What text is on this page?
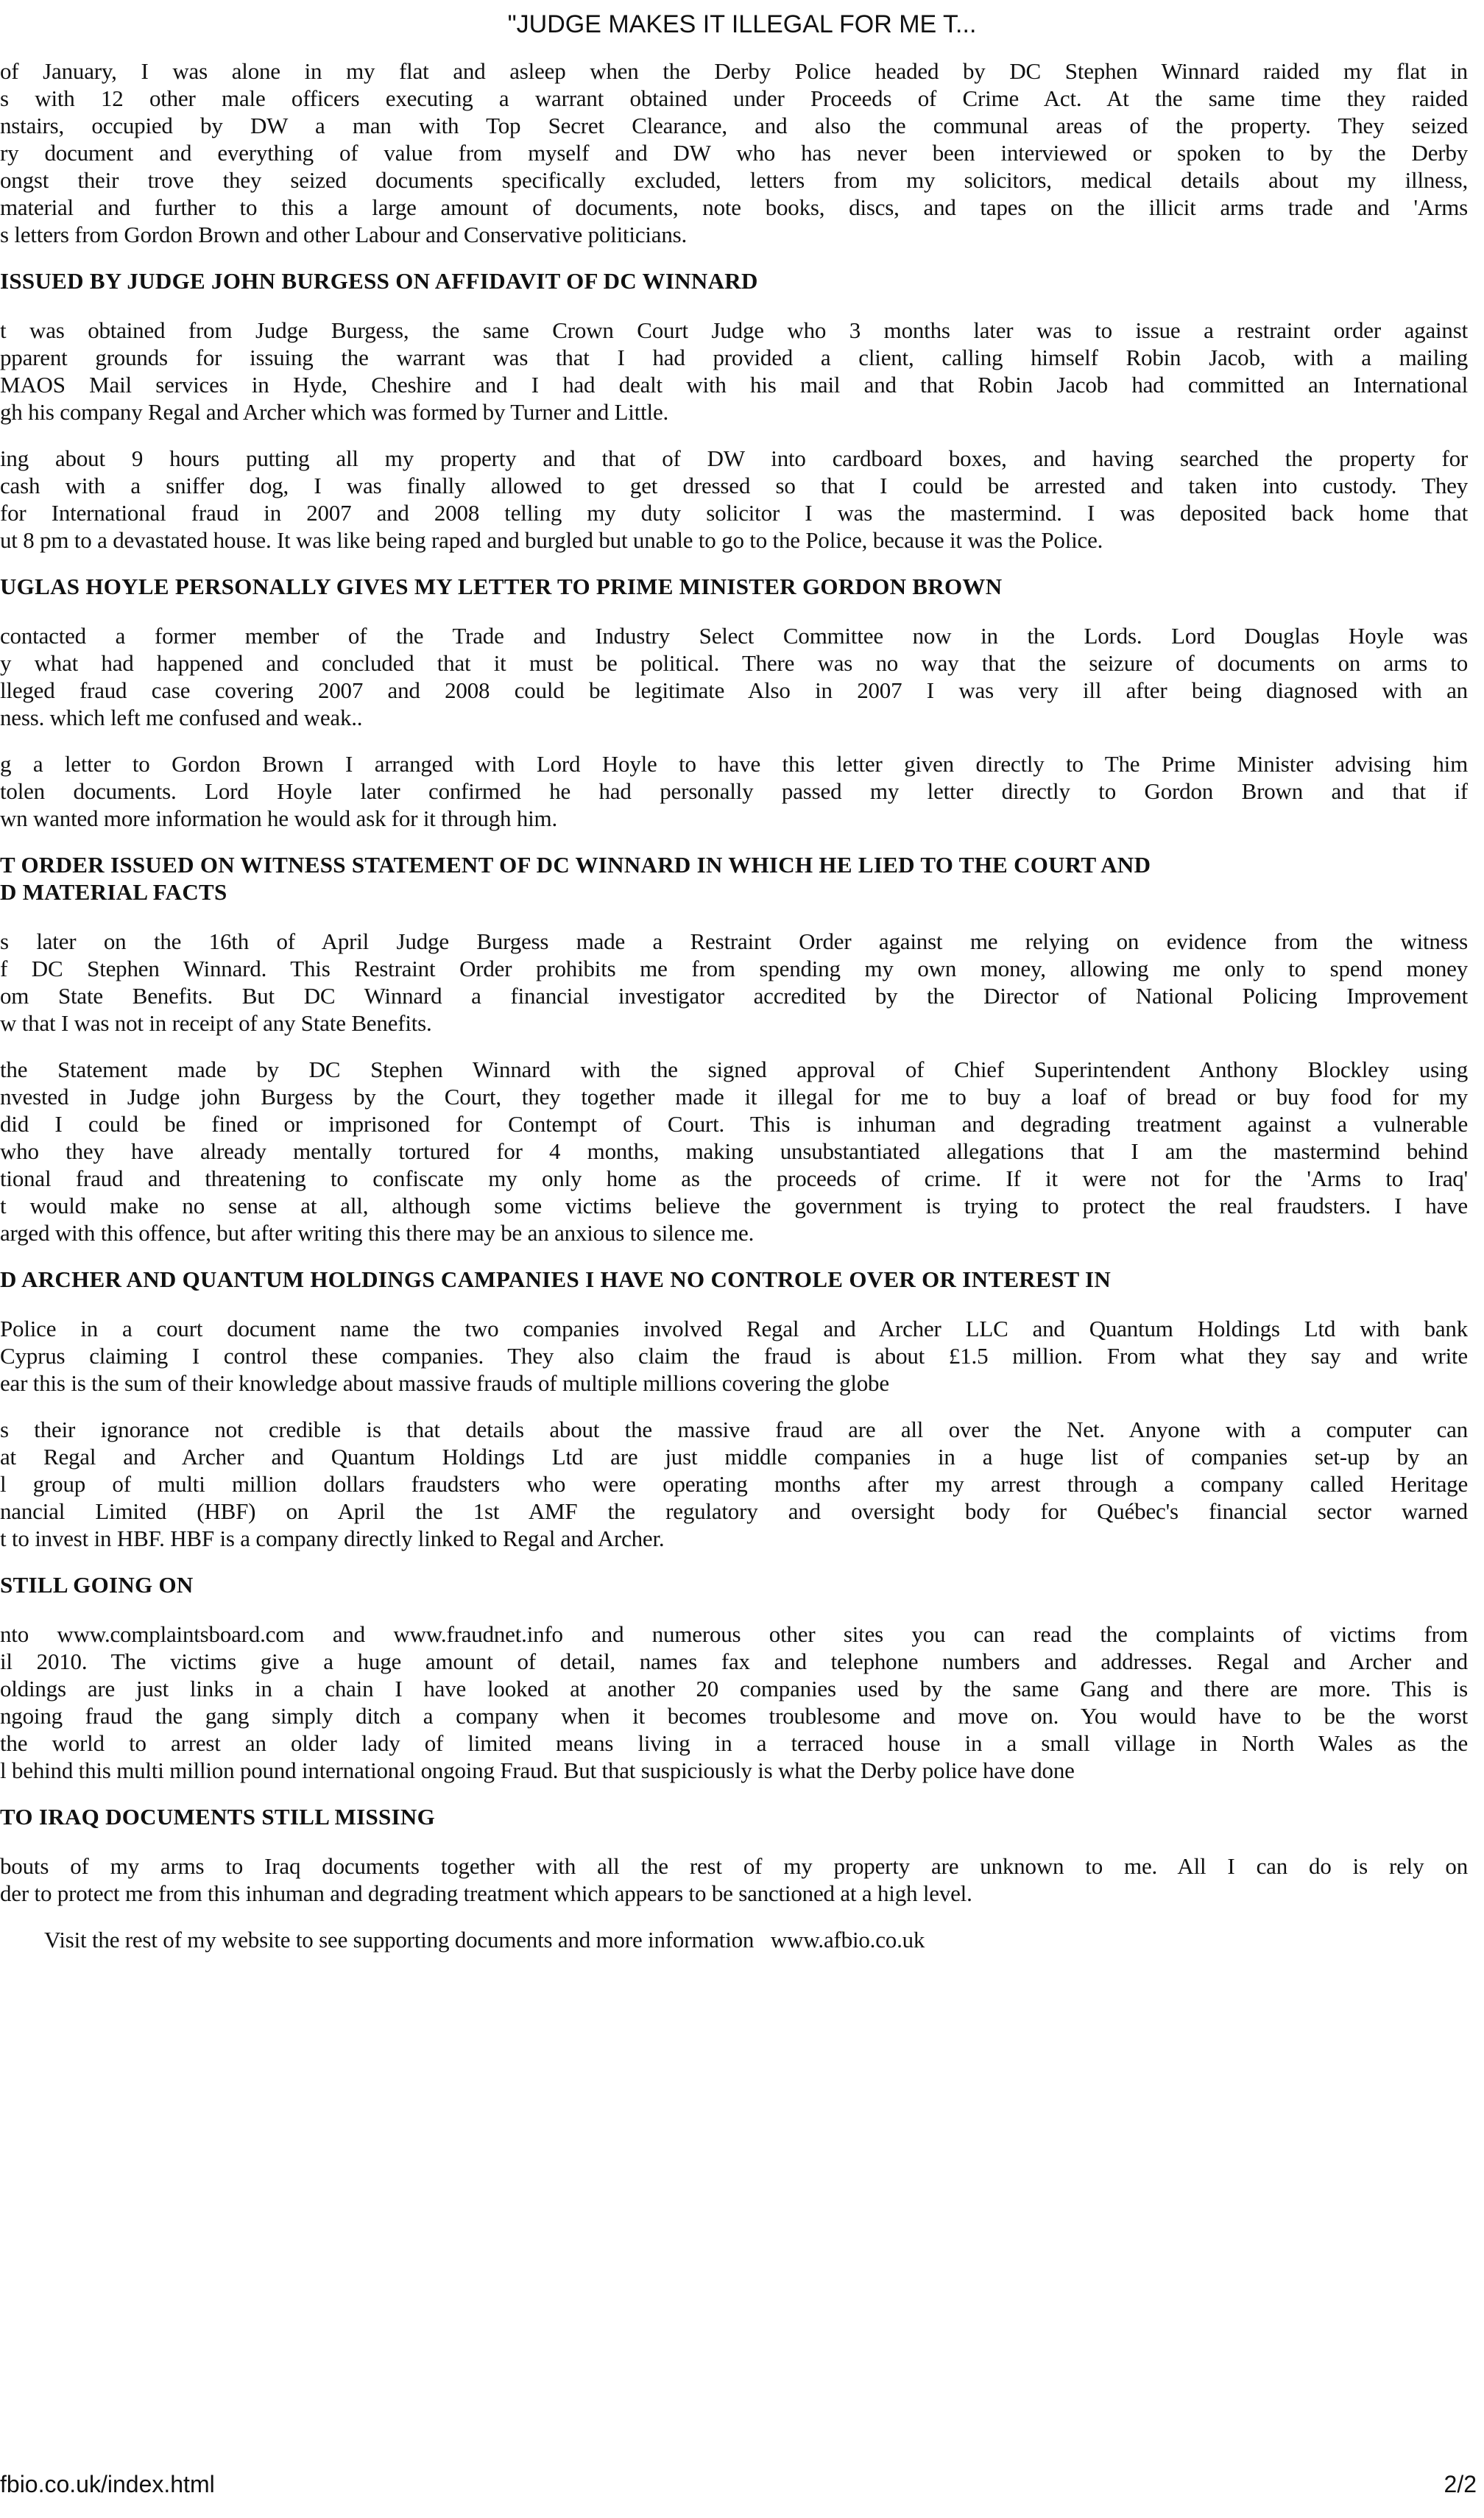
"JUDGE MAKES IT ILLEGAL FOR ME T...
of January, I was alone in my flat and asleep when the Derby Police headed by DC Stephen Winnard raided my flat in
s with 12 other male officers executing a warrant obtained under Proceeds of Crime Act. At the same time they raided
nstairs, occupied by DW a man with Top Secret Clearance, and also the communal areas of the property. They seized
ry document and everything of value from myself and DW who has never been interviewed or spoken to by the Derby
ongst their trove they seized documents specifically excluded, letters from my solicitors, medical details about my illness,
material and further to this a large amount of documents, note books, discs, and tapes on the illicit arms trade and 'Arms
s letters from Gordon Brown and other Labour and Conservative politicians.
ISSUED BY JUDGE JOHN BURGESS ON AFFIDAVIT OF DC WINNARD
t was obtained from Judge Burgess, the same Crown Court Judge who 3 months later was to issue a restraint order against
pparent grounds for issuing the warrant was that I had provided a client, calling himself Robin Jacob, with a mailing
MAOS Mail services in Hyde, Cheshire and I had dealt with his mail and that Robin Jacob had committed an International
gh his company Regal and Archer which was formed by Turner and Little.
ing about 9 hours putting all my property and that of DW into cardboard boxes, and having searched the property for
cash with a sniffer dog, I was finally allowed to get dressed so that I could be arrested and taken into custody. They
for International fraud in 2007 and 2008 telling my duty solicitor I was the mastermind. I was deposited back home that
ut 8 pm to a devastated house. It was like being raped and burgled but unable to go to the Police, because it was the Police.
UGLAS HOYLE PERSONALLY GIVES MY LETTER TO PRIME MINISTER GORDON BROWN
contacted a former member of the Trade and Industry Select Committee now in the Lords. Lord Douglas Hoyle was
y what had happened and concluded that it must be political. There was no way that the seizure of documents on arms to
lleged fraud case covering 2007 and 2008 could be legitimate Also in 2007 I was very ill after being diagnosed with an
ness. which left me confused and weak..
g a letter to Gordon Brown I arranged with Lord Hoyle to have this letter given directly to The Prime Minister advising him
tolen documents. Lord Hoyle later confirmed he had personally passed my letter directly to Gordon Brown and that if
wn wanted more information he would ask for it through him.
T ORDER ISSUED ON WITNESS STATEMENT OF DC WINNARD IN WHICH HE LIED TO THE COURT AND
D MATERIAL FACTS
s later on the 16th of April Judge Burgess made a Restraint Order against me relying on evidence from the witness
f DC Stephen Winnard. This Restraint Order prohibits me from spending my own money, allowing me only to spend money
om State Benefits. But DC Winnard a financial investigator accredited by the Director of National Policing Improvement
w that I was not in receipt of any State Benefits.
the Statement made by DC Stephen Winnard with the signed approval of Chief Superintendent Anthony Blockley using
nvested in Judge john Burgess by the Court, they together made it illegal for me to buy a loaf of bread or buy food for my
did I could be fined or imprisoned for Contempt of Court. This is inhuman and degrading treatment against a vulnerable
who they have already mentally tortured for 4 months, making unsubstantiated allegations that I am the mastermind behind
tional fraud and threatening to confiscate my only home as the proceeds of crime. If it were not for the 'Arms to Iraq'
t would make no sense at all, although some victims believe the government is trying to protect the real fraudsters. I have
arged with this offence, but after writing this there may be an anxious to silence me.
D ARCHER AND QUANTUM HOLDINGS CAMPANIES I HAVE NO CONTROLE OVER OR INTEREST IN
Police in a court document name the two companies involved Regal and Archer LLC and Quantum Holdings Ltd with bank
Cyprus claiming I control these companies. They also claim the fraud is about £1.5 million. From what they say and write
ear this is the sum of their knowledge about massive frauds of multiple millions covering the globe
s their ignorance not credible is that details about the massive fraud are all over the Net. Anyone with a computer can
at Regal and Archer and Quantum Holdings Ltd are just middle companies in a huge list of companies set-up by an
l group of multi million dollars fraudsters who were operating months after my arrest through a company called Heritage
nancial Limited (HBF) on April the 1st AMF the regulatory and oversight body for Québec's financial sector warned
t to invest in HBF. HBF is a company directly linked to Regal and Archer.
STILL GOING ON
nto www.complaintsboard.com and www.fraudnet.info and numerous other sites you can read the complaints of victims from
il 2010. The victims give a huge amount of detail, names fax and telephone numbers and addresses. Regal and Archer and
oldings are just links in a chain I have looked at another 20 companies used by the same Gang and there are more. This is
ngoing fraud the gang simply ditch a company when it becomes troublesome and move on. You would have to be the worst
the world to arrest an older lady of limited means living in a terraced house in a small village in North Wales as the
l behind this multi million pound international ongoing Fraud. But that suspiciously is what the Derby police have done
TO IRAQ DOCUMENTS STILL MISSING
bouts of my arms to Iraq documents together with all the rest of my property are unknown to me. All I can do is rely on
der to protect me from this inhuman and degrading treatment which appears to be sanctioned at a high level.
Visit the rest of my website to see supporting documents and more information www.afbio.co.uk
fbio.co.uk/index.html	2/2
